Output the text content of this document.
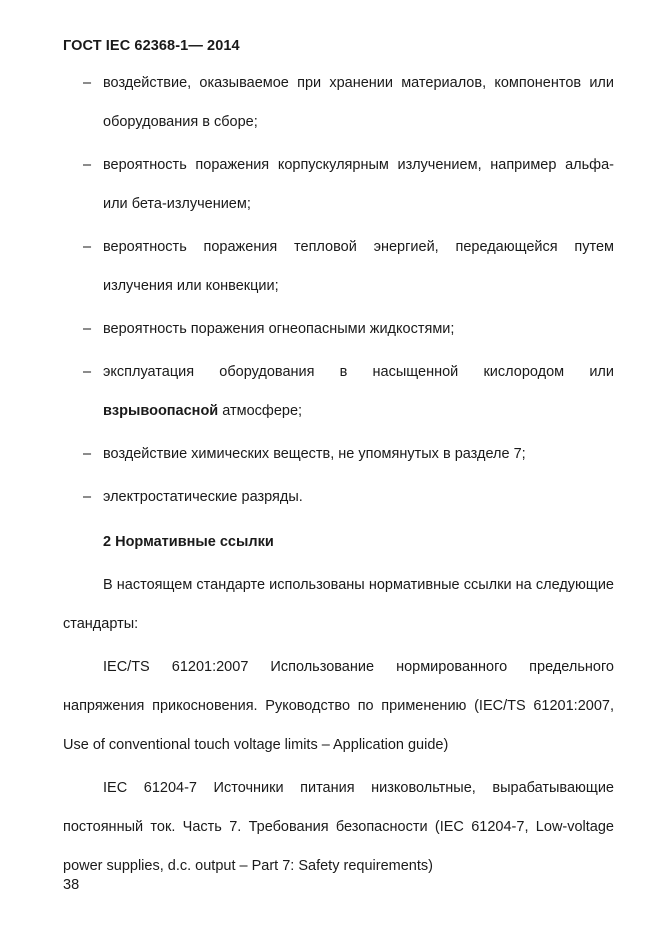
ГОСТ IEC 62368-1— 2014
– воздействие, оказываемое при хранении материалов, компонентов или оборудования в сборе;
– вероятность поражения корпускулярным излучением, например альфа- или бета-излучением;
– вероятность поражения тепловой энергией, передающейся путем излучения или конвекции;
– вероятность поражения огнеопасными жидкостями;
– эксплуатация оборудования в насыщенной кислородом или взрывоопасной атмосфере;
– воздействие химических веществ, не упомянутых в разделе 7;
– электростатические разряды.
2 Нормативные ссылки
В настоящем стандарте использованы нормативные ссылки на следующие стандарты:
IEC/TS 61201:2007 Использование нормированного предельного напряжения прикосновения. Руководство по применению (IEC/TS 61201:2007, Use of conventional touch voltage limits – Application guide)
IEC 61204-7 Источники питания низковольтные, вырабатывающие постоянный ток. Часть 7. Требования безопасности (IEC 61204-7, Low-voltage power supplies, d.c. output – Part 7: Safety requirements)
38
